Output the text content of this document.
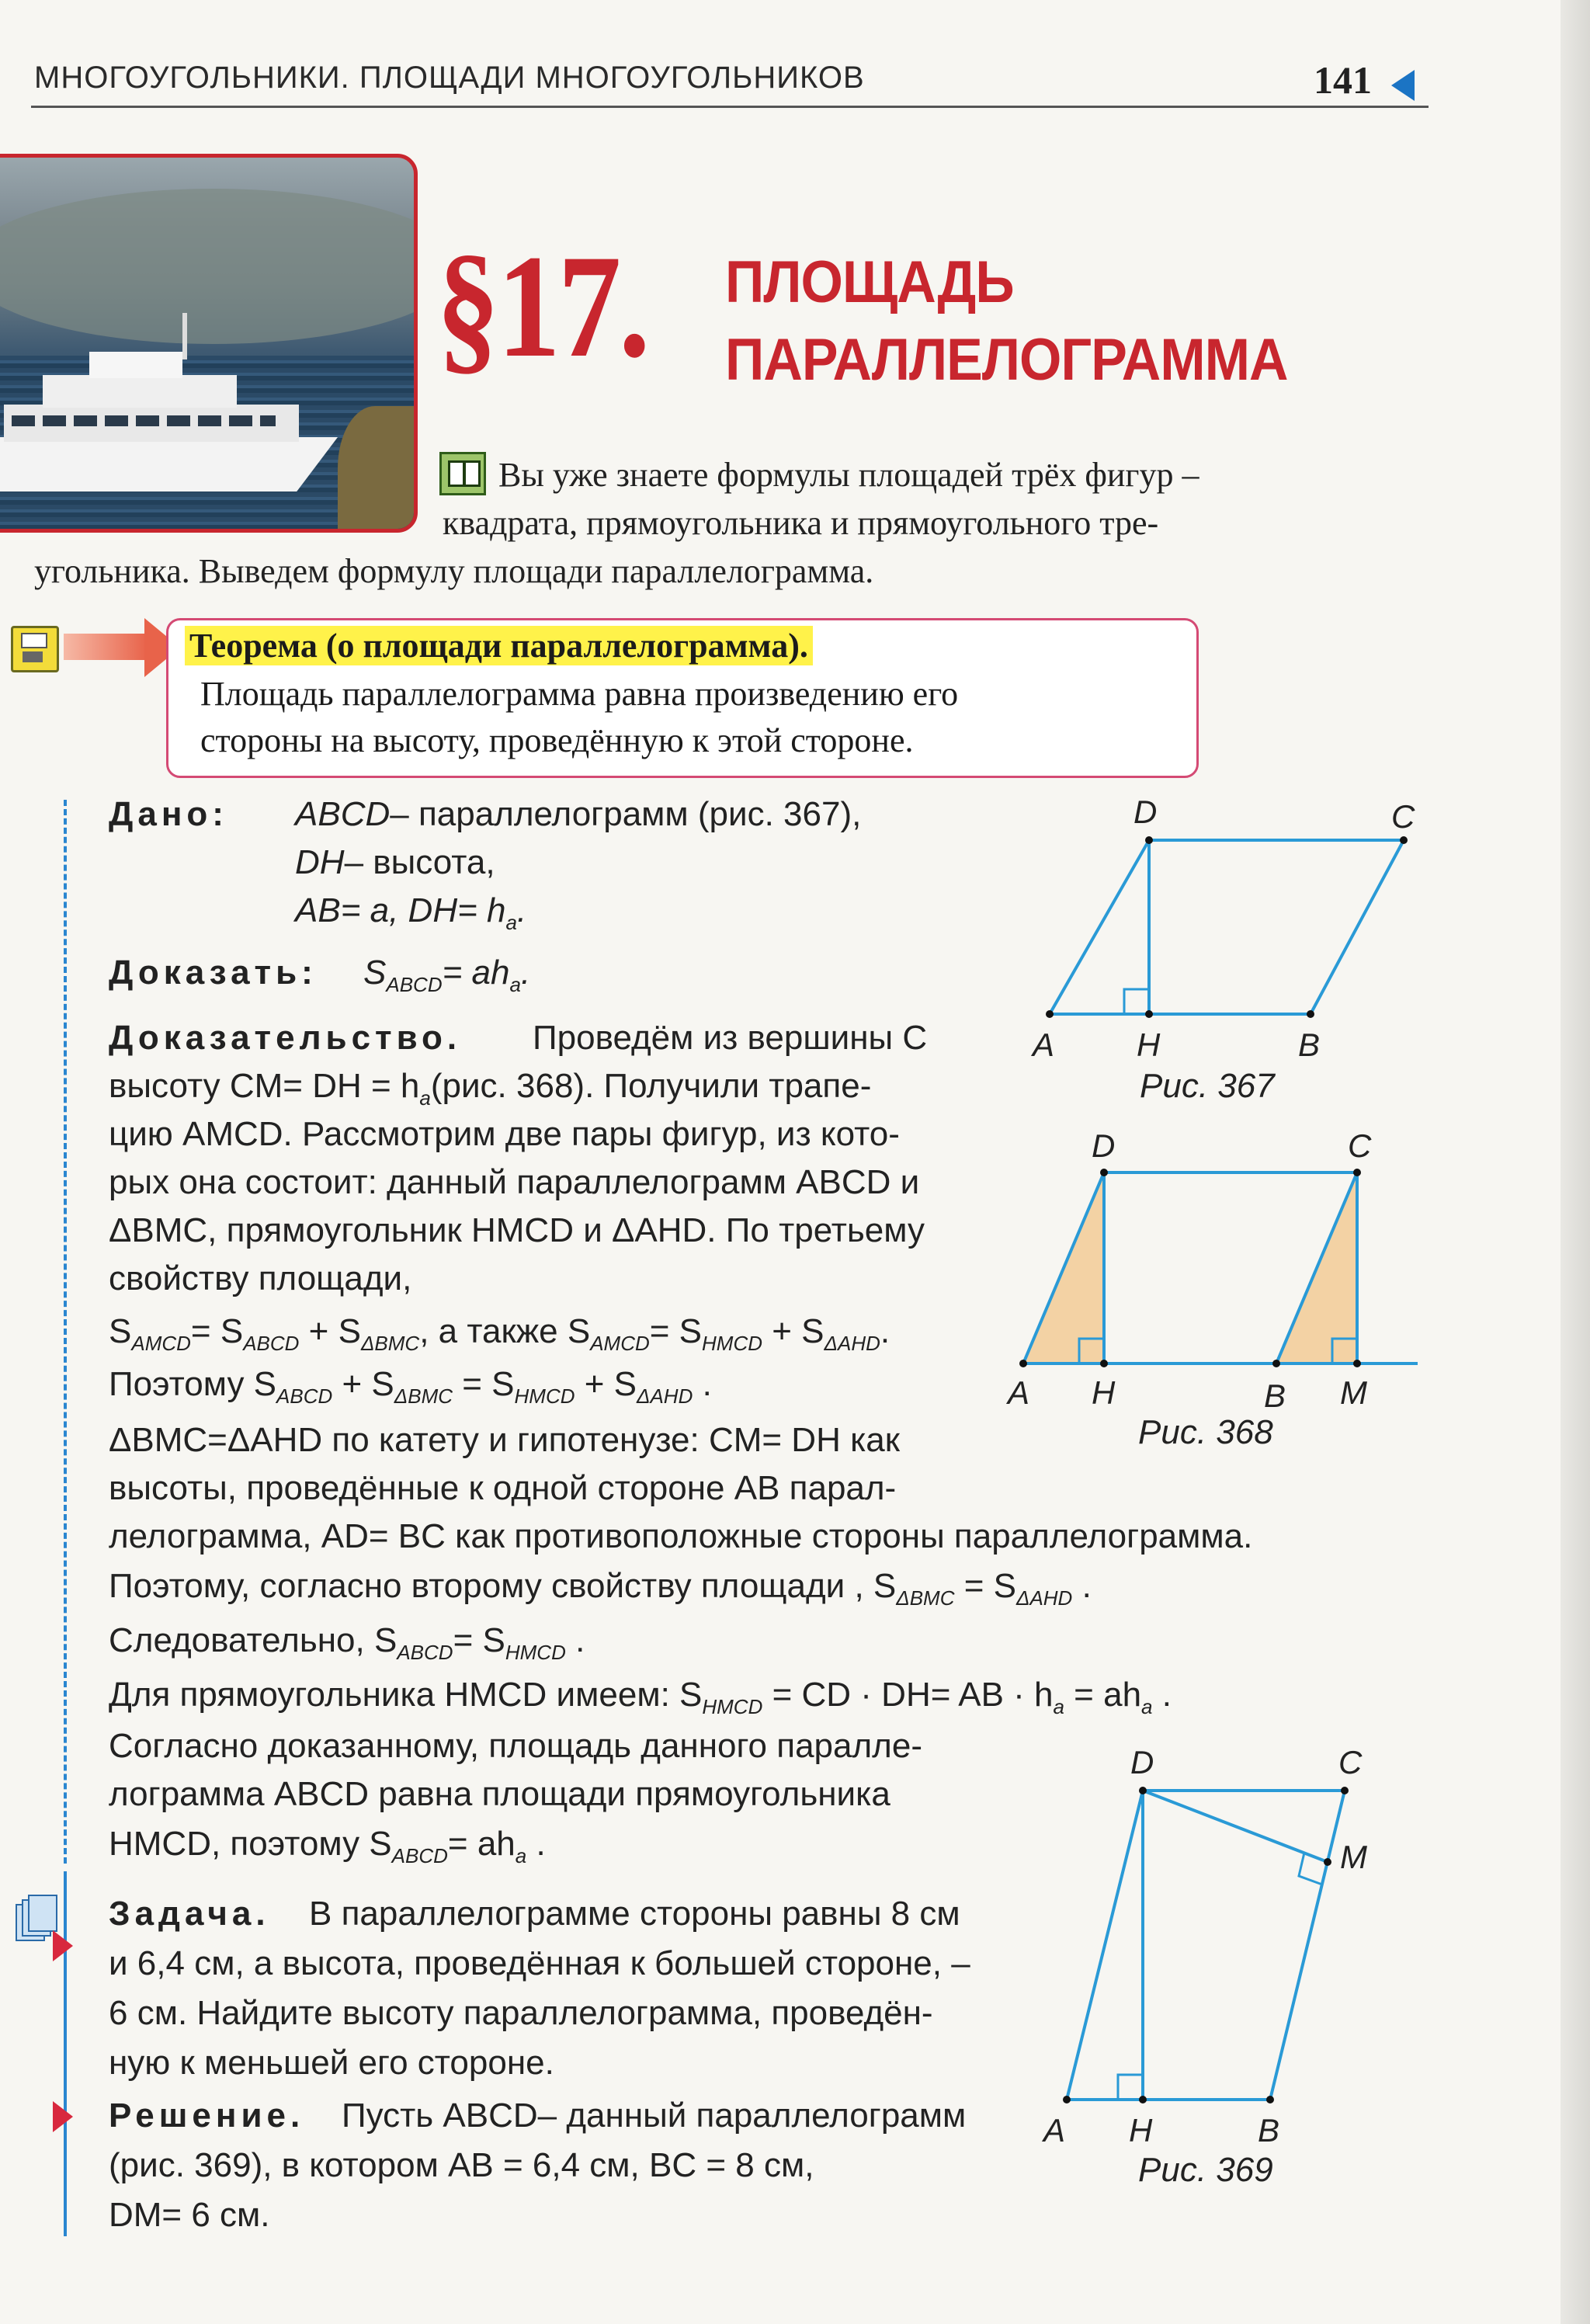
МНОГОУГОЛЬНИКИ. ПЛОЩАДИ МНОГОУГОЛЬНИКОВ	141
§17. ПЛОЩАДЬ
ПАРАЛЛЕЛОГРАММА
Вы уже знаете формулы площадей трёх фигур –
квадрата, прямоугольника и прямоугольного тре-
угольника. Выведем формулу площади параллелограмма.
Теорема (о площади параллелограмма).
Площадь параллелограмма равна произведению его
стороны на высоту, проведённую к этой стороне.
Дано: ABCD– параллелограмм (рис. 367),
DH– высота,
AB= a, $DH= h_a$.
Доказать: $S_{ABCD}= ah_a$.
Доказательство. Проведём из вершины C
высоту CM= DH = $h_a(рис$. 368). Получили трапе-
цию AMCD. Рассмотрим две пары фигур, из кото-
рых она состоит: данный параллелограмм ABCD и
ΔBMC, прямоугольник HMCD и ΔAHD. По третьему
свойству площади,
$S_{AMCD}= S_{ABCD} + S_{\Delta BMC}$, а также $S_{AMCD}= S_{HMCD} + S_{\Delta AHD}$.
Поэтому $S_{ABCD} + S_{\Delta BMC} = S_{HMCD} + S_{\Delta AHD}$ .
ΔBMC=ΔAHD по катету и гипотенузе: CM= DH как
высоты, проведённые к одной стороне AB парал-
лелограмма, AD= BC как противоположные стороны параллелограмма.
Поэтому, согласно второму свойству площади , $S_{\Delta BMC} = S_{\Delta AHD}$ .
Следовательно, $S_{ABCD}= S_{HMCD}$ .
Для прямоугольника HMCD имеем: $S_{HMCD}$ = CD · DH= AB · $h_a = ah_a$ .
Согласно доказанному, площадь данного паралле-
лограмма ABCD равна площади прямоугольника
HMCD, поэтому $S_{ABCD}= ah_a$ .
Задача. В параллелограмме стороны равны 8 см
и 6,4 см, а высота, проведённая к большей стороне, –
6 см. Найдите высоту параллелограмма, проведён-
ную к меньшей его стороне.
Решение. Пусть ABCD– данный параллелограмм
(рис. 369), в котором AB = 6,4 см, BC = 8 см,
DM= 6 см.
D	C
A	H	B
Рис. 367
D	C
A H	B M
Рис. 368
D	C
M
A H	B
Рис. 369
